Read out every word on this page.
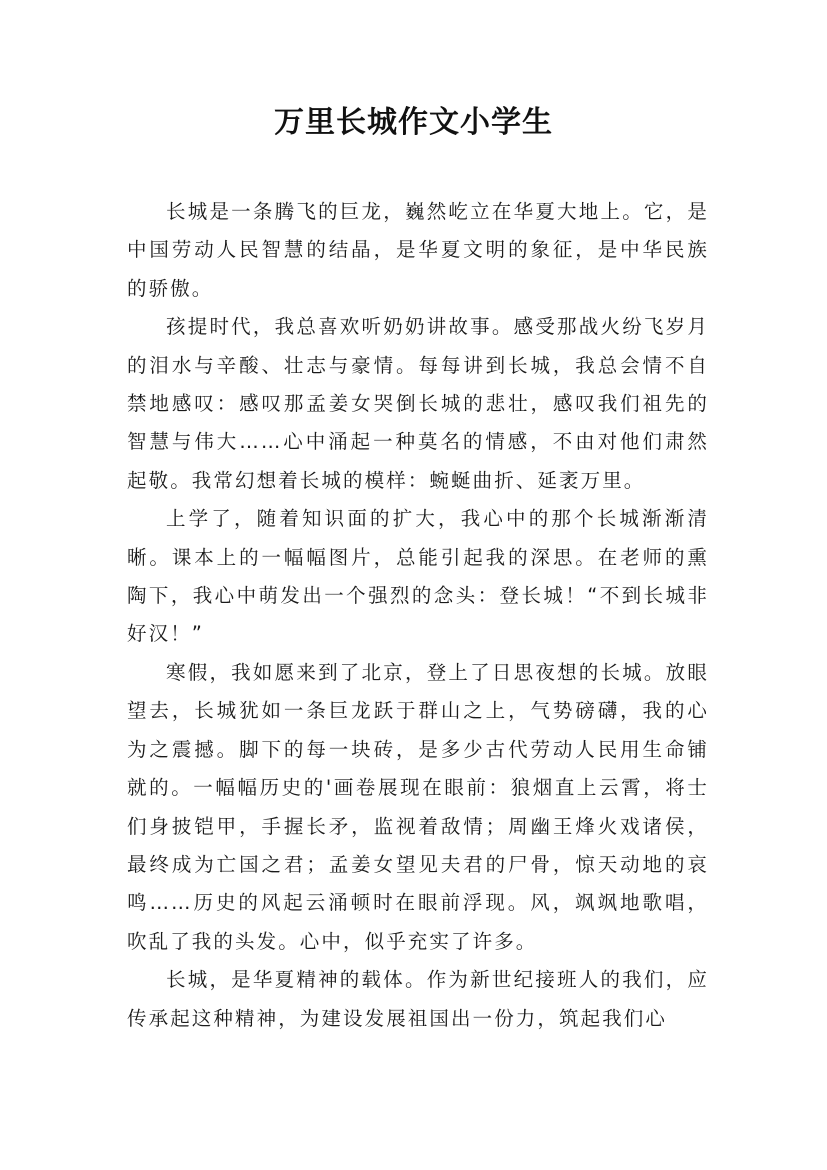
万里长城作文小学生

长城是一条腾飞的巨龙，巍然屹立在华夏大地上。它，是中国劳动人民智慧的结晶，是华夏文明的象征，是中华民族的骄傲。

孩提时代，我总喜欢听奶奶讲故事。感受那战火纷飞岁月的泪水与辛酸、壮志与豪情。每每讲到长城，我总会情不自禁地感叹：感叹那孟姜女哭倒长城的悲壮，感叹我们祖先的智慧与伟大……心中涌起一种莫名的情感，不由对他们肃然起敬。我常幻想着长城的模样：蜿蜒曲折、延袤万里。

上学了，随着知识面的扩大，我心中的那个长城渐渐清晰。课本上的一幅幅图片，总能引起我的深思。在老师的熏陶下，我心中萌发出一个强烈的念头：登长城！“不到长城非好汉！”

寒假，我如愿来到了北京，登上了日思夜想的长城。放眼望去，长城犹如一条巨龙跃于群山之上，气势磅礴，我的心为之震撼。脚下的每一块砖，是多少古代劳动人民用生命铺就的。一幅幅历史的'画卷展现在眼前：狼烟直上云霄，将士们身披铠甲，手握长矛，监视着敌情；周幽王烽火戏诸侯，最终成为亡国之君；孟姜女望见夫君的尸骨，惊天动地的哀鸣……历史的风起云涌顿时在眼前浮现。风，飒飒地歌唱，吹乱了我的头发。心中，似乎充实了许多。

长城，是华夏精神的载体。作为新世纪接班人的我们，应传承起这种精神，为建设发展祖国出一份力，筑起我们心
